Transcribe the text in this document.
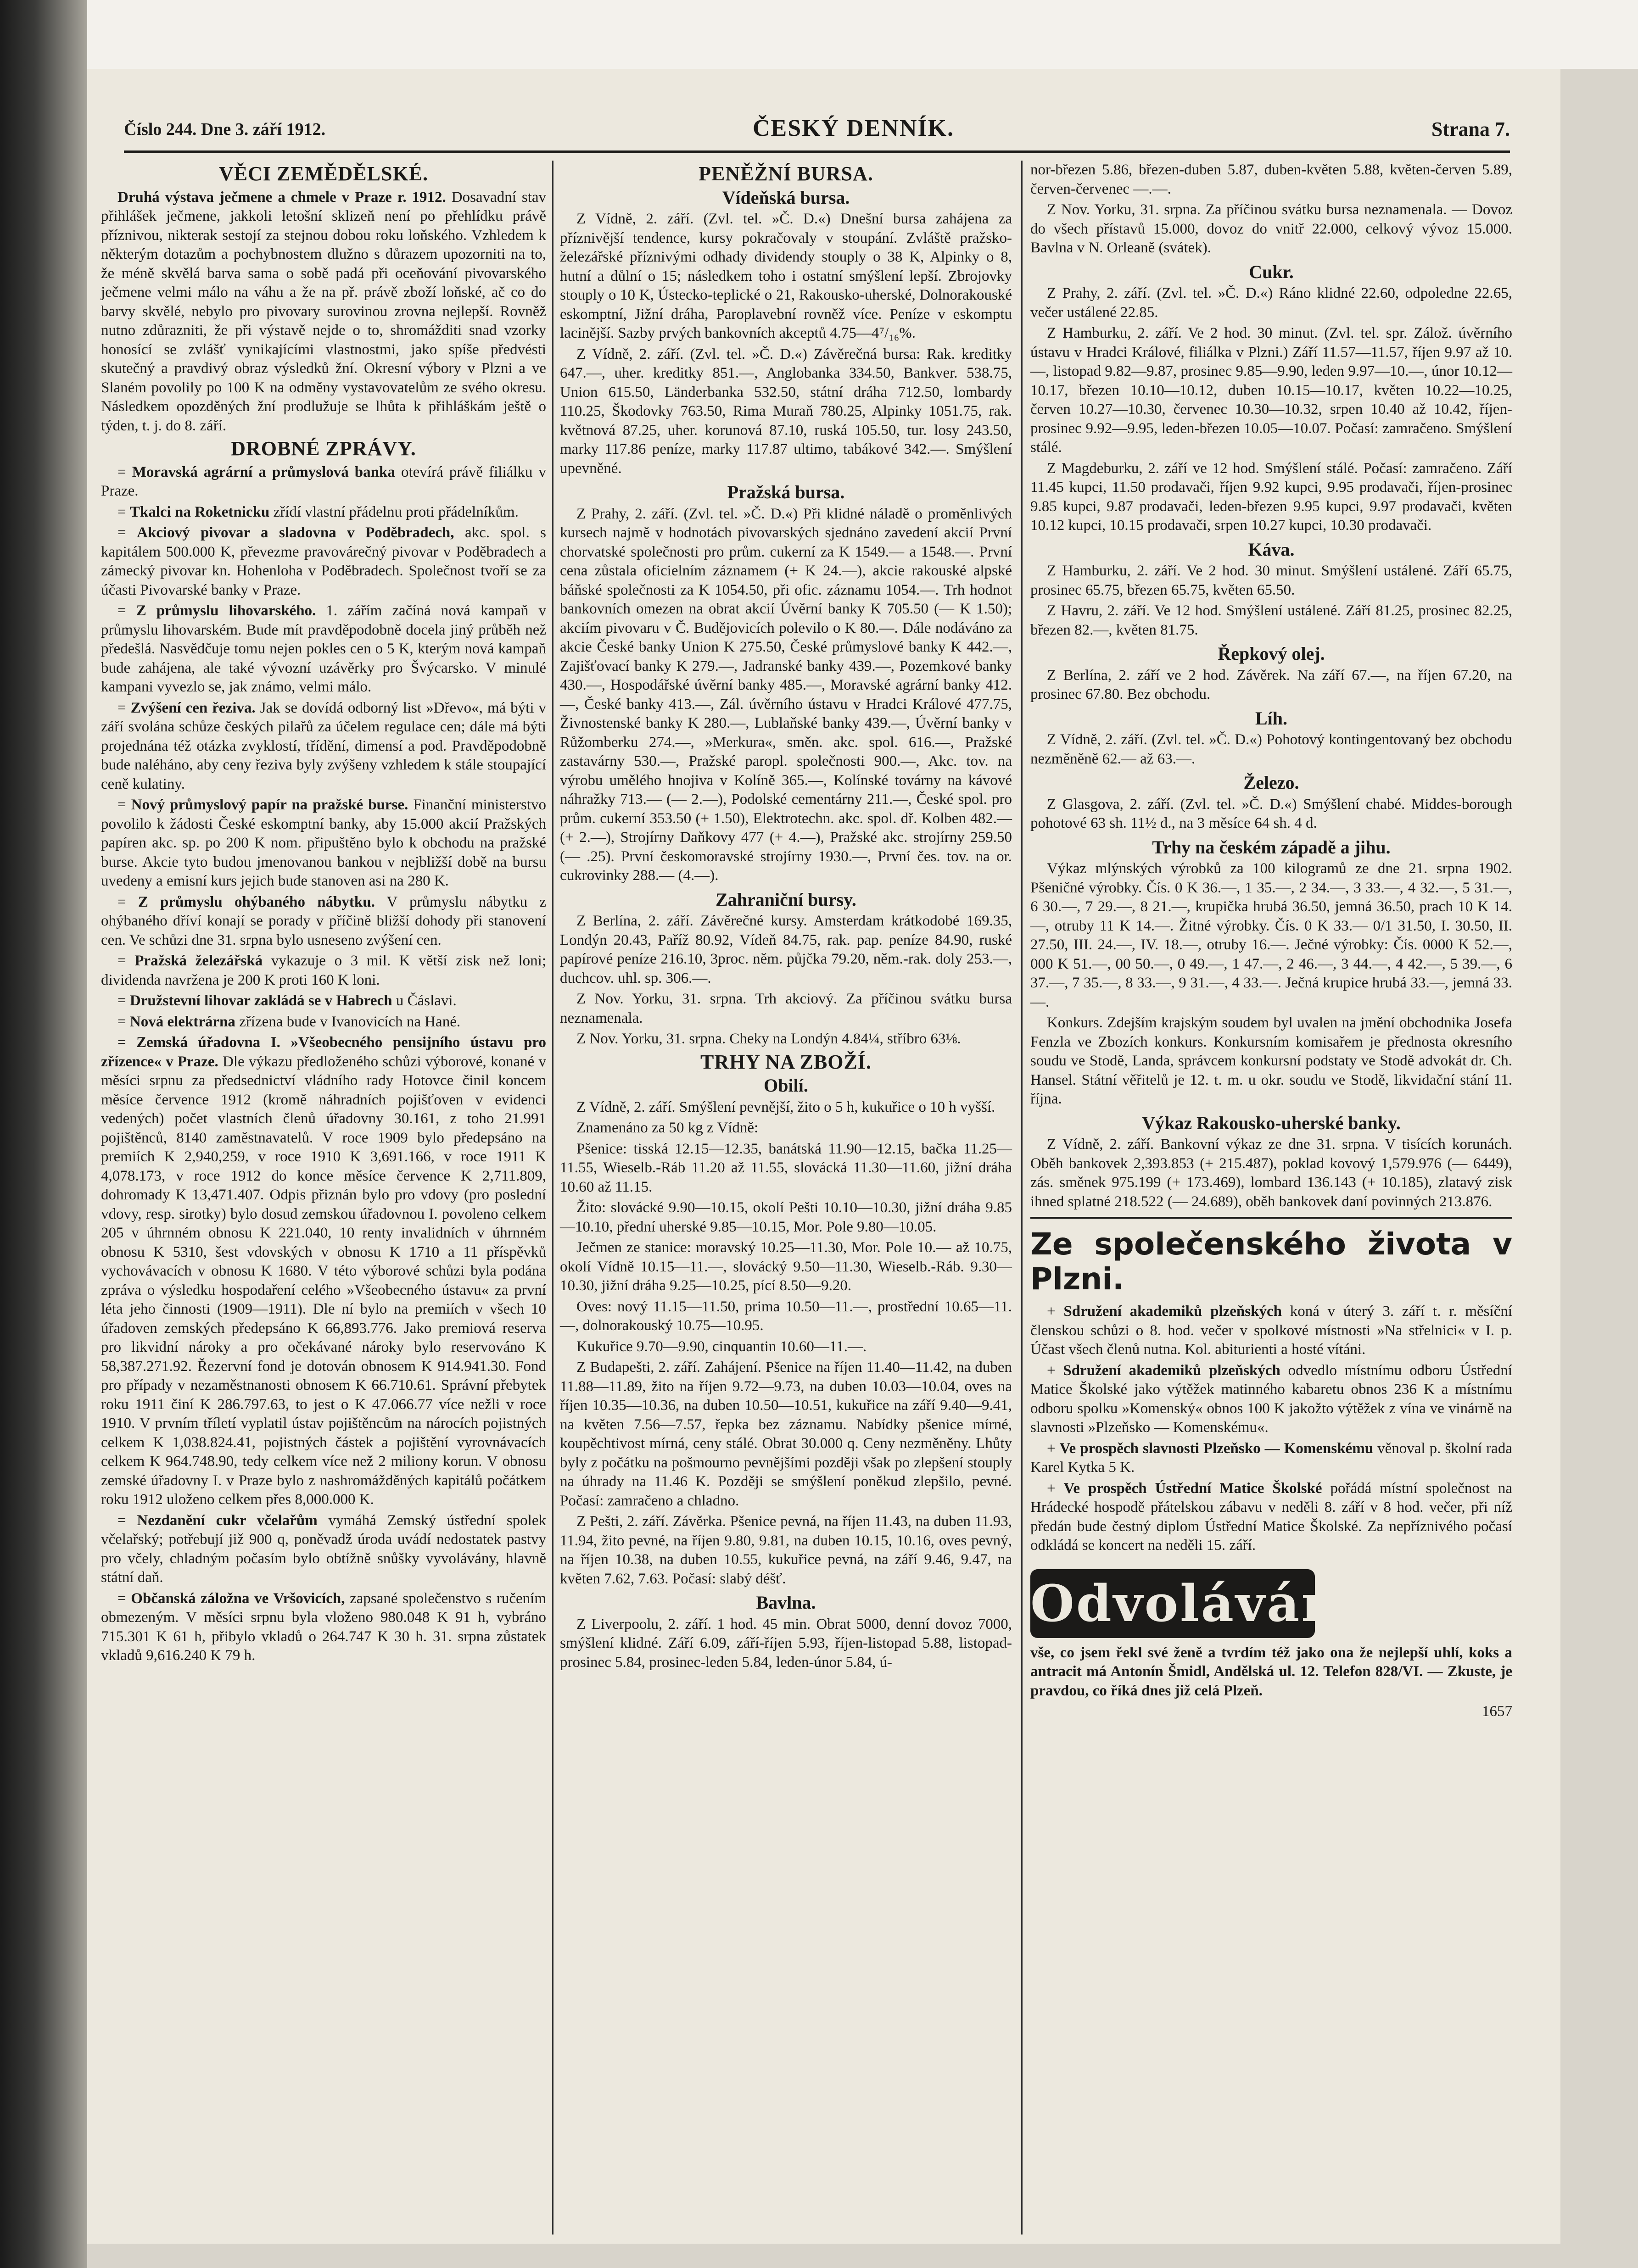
Číslo 244. Dne 3. září 1912.	ČESKÝ DENNÍK.	Strana 7.
VĚCI ZEMĚDĚLSKÉ.

Druhá výstava ječmene a chmele v Praze r. 1912. Dosavadní stav přihlášek ječmene, jakkoli letošní sklizeň není po přehlídku právě příznivou, nikterak sestojí za stejnou dobou roku loňského. Vzhledem k některým dotazům a pochybnostem dlužno s důrazem upozorniti na to, že méně skvělá barva sama o sobě padá při oceňování pivovarského ječmene velmi málo na váhu a že na př. právě zboží loňské, ač co do barvy skvělé, nebylo pro pivovary surovinou zrovna nejlepší. Rovněž nutno zdůrazniti, že při výstavě nejde o to, shromážditi snad vzorky honosící se zvlášť vynikajícími vlastnostmi, jako spíše předvésti skutečný a pravdivý obraz výsledků žní. Okresní výbory v Plzni a ve Slaném povolily po 100 K na odměny vystavovatelům ze svého okresu. Následkem opozděných žní prodlužuje se lhůta k přihláškám ještě o týden, t. j. do 8. září.

DROBNÉ ZPRÁVY.

= Moravská agrární a průmyslová banka otevírá právě filiálku v Praze.

= Tkalci na Roketnicku zřídí vlastní přádelnu proti přádelníkům.

= Akciový pivovar a sladovna v Poděbradech, akc. spol. s kapitálem 500.000 K, převezme pravovárečný pivovar v Poděbradech a zámecký pivovar kn. Hohenloha v Poděbradech. Společnost tvoří se za účasti Pivovarské banky v Praze.

= Z průmyslu lihovarského. 1. zářím začíná nová kampaň v průmyslu lihovarském. Bude mít pravděpodobně docela jiný průběh než předešlá. Nasvědčuje tomu nejen pokles cen o 5 K, kterým nová kampaň bude zahájena, ale také vývozní uzávěrky pro Švýcarsko. V minulé kampani vyvezlo se, jak známo, velmi málo.

= Zvýšení cen řeziva. Jak se dovídá odborný list »Dřevo«, má býti v září svolána schůze českých pilařů za účelem regulace cen; dále má býti projednána též otázka zvyklostí, třídění, dimensí a pod. Pravděpodobně bude naléháno, aby ceny řeziva byly zvýšeny vzhledem k stále stoupající ceně kulatiny.

= Nový průmyslový papír na pražské burse. Finanční ministerstvo povolilo k žádosti České eskomptní banky, aby 15.000 akcií Pražských papíren akc. sp. po 200 K nom. připuštěno bylo k obchodu na pražské burse. Akcie tyto budou jmenovanou bankou v nejbližší době na bursu uvedeny a emisní kurs jejich bude stanoven asi na 280 K.

= Z průmyslu ohýbaného nábytku. V průmyslu nábytku z ohýbaného dříví konají se porady v příčině bližší dohody při stanovení cen. Ve schůzi dne 31. srpna bylo usneseno zvýšení cen.

= Pražská železářská vykazuje o 3 mil. K větší zisk než loni; dividenda navržena je 200 K proti 160 K loni.

= Družstevní lihovar zakládá se v Habrech u Čáslavi.

= Nová elektrárna zřízena bude v Ivanovicích na Hané.

= Zemská úřadovna I. »Všeobecného pensijního ústavu pro zřízence« v Praze. Dle výkazu předloženého schůzi výborové, konané v měsíci srpnu za předsednictví vládního rady Hotovce činil koncem měsíce července 1912 (kromě náhradních pojišťoven v evidenci vedených) počet vlastních členů úřadovny 30.161, z toho 21.991 pojištěnců, 8140 zaměstnavatelů. V roce 1909 bylo předepsáno na premiích K 2,940,259, v roce 1910 K 3,691.166, v roce 1911 K 4,078.173, v roce 1912 do konce měsíce července K 2,711.809, dohromady K 13,471.407. Odpis přiznán bylo pro vdovy (pro poslední vdovy, resp. sirotky) bylo dosud zemskou úřadovnou I. povoleno celkem 205 v úhrnném obnosu K 221.040, 10 renty invalidních v úhrnném obnosu K 5310, šest vdovských v obnosu K 1710 a 11 příspěvků vychovávacích v obnosu K 1680. V této výborové schůzi byla podána zpráva o výsledku hospodaření celého »Všeobecného ústavu« za první léta jeho činnosti (1909—1911). Dle ní bylo na premiích v všech 10 úřadoven zemských předepsáno K 66,893.776. Jako premiová reserva pro likvidní nároky a pro očekávané nároky bylo reservováno K 58,387.271.92. Řezervní fond je dotován obnosem K 914.941.30. Fond pro případy v nezaměstnanosti obnosem K 66.710.61. Správní přebytek roku 1911 činí K 286.797.63, to jest o K 47.066.77 více nežli v roce 1910. V prvním tříletí vyplatil ústav pojištěncům na nárocích pojistných celkem K 1,038.824.41, pojistných částek a pojištění vyrovnávacích celkem K 964.748.90, tedy celkem více než 2 miliony korun. V obnosu zemské úřadovny I. v Praze bylo z nashromážděných kapitálů počátkem roku 1912 uloženo celkem přes 8,000.000 K.

= Nezdanění cukr včelařům vymáhá Zemský ústřední spolek včelařský; potřebují již 900 q, poněvadž úroda uvádí nedostatek pastvy pro včely, chladným počasím bylo obtížně snůšky vyvolávány, hlavně státní daň.

= Občanská záložna ve Vršovicích, zapsané společenstvo s ručením obmezeným. V měsíci srpnu byla vloženo 980.048 K 91 h, vybráno 715.301 K 61 h, přibylo vkladů o 264.747 K 30 h. 31. srpna zůstatek vkladů 9,616.240 K 79 h.

PENĚŽNÍ BURSA.
Vídeňská bursa.

Z Vídně, 2. září. (Zvl. tel. »Č. D.«) Dnešní bursa zahájena za příznivější tendence, kursy pokračovaly v stoupání. Zvláště pražsko-železářské příznivými odhady dividendy stouply o 38 K, Alpinky o 8, hutní a důlní o 15; následkem toho i ostatní smýšlení lepší. Zbrojovky stouply o 10 K, Ústecko-teplické o 21, Rakousko-uherské, Dolnorakouské eskomptní, Jižní dráha, Paroplavební rovněž více. Peníze v eskomptu lacinější. Sazby prvých bankovních akceptů 4.75—4⁷/₁₆%.

Z Vídně, 2. září. (Zvl. tel. »Č. D.«) Závěrečná bursa: Rak. kreditky 647.—, uher. kreditky 851.—, Anglobanka 334.50, Bankver. 538.75, Union 615.50, Länderbanka 532.50, státní dráha 712.50, lombardy 110.25, Škodovky 763.50, Rima Muraň 780.25, Alpinky 1051.75, rak. květnová 87.25, uher. korunová 87.10, ruská 105.50, tur. losy 243.50, marky 117.86 peníze, marky 117.87 ultimo, tabákové 342.—. Smýšlení upevněné.

Pražská bursa.

Z Prahy, 2. září. (Zvl. tel. »Č. D.«) Při klidné náladě o proměnlivých kursech najmě v hodnotách pivovarských sjednáno zavedení akcií První chorvatské společnosti pro prům. cukerní za K 1549.— a 1548.—. První cena zůstala oficielním záznamem (+ K 24.—), akcie rakouské alpské báňské společnosti za K 1054.50, při ofic. záznamu 1054.—. Trh hodnot bankovních omezen na obrat akcií Úvěrní banky K 705.50 (— K 1.50); akciím pivovaru v Č. Budějovicích polevilo o K 80.—. Dále nodáváno za akcie České banky Union K 275.50, České průmyslové banky K 442.—, Zajišťovací banky K 279.—, Jadranské banky 439.—, Pozemkové banky 430.—, Hospodářské úvěrní banky 485.—, Moravské agrární banky 412.—, České banky 413.—, Zál. úvěrního ústavu v Hradci Králové 477.75, Živnostenské banky K 280.—, Lublaňské banky 439.—, Úvěrní banky v Růžomberku 274.—, »Merkura«, směn. akc. spol. 616.—, Pražské zastavárny 530.—, Pražské paropl. společnosti 900.—, Akc. tov. na výrobu umělého hnojiva v Kolíně 365.—, Kolínské továrny na kávové náhražky 713.— (— 2.—), Podolské cementárny 211.—, České spol. pro prům. cukerní 353.50 (+ 1.50), Elektrotechn. akc. spol. dř. Kolben 482.— (+ 2.—), Strojírny Daňkovy 477 (+ 4.—), Pražské akc. strojírny 259.50 (— .25). První českomoravské strojírny 1930.—, První čes. tov. na or. cukrovinky 288.— (4.—).

Zahraniční bursy.

Z Berlína, 2. září. Závěrečné kursy. Amsterdam krátkodobé 169.35, Londýn 20.43, Paříž 80.92, Vídeň 84.75, rak. pap. peníze 84.90, ruské papírové peníze 216.10, 3proc. něm. půjčka 79.20, něm.-rak. doly 253.—, duchcov. uhl. sp. 306.—.

Z Nov. Yorku, 31. srpna. Trh akciový. Za příčinou svátku bursa neznamenala.

Z Nov. Yorku, 31. srpna. Cheky na Londýn 4.84¼, stříbro 63⅛.

TRHY NA ZBOŽÍ.
Obilí.

Z Vídně, 2. září. Smýšlení pevnější, žito o 5 h, kukuřice o 10 h vyšší.

Znamenáno za 50 kg z Vídně:

Pšenice: tisská 12.15—12.35, banátská 11.90—12.15, bačka 11.25—11.55, Wieselb.-Ráb 11.20 až 11.55, slovácká 11.30—11.60, jižní dráha 10.60 až 11.15.

Žito: slovácké 9.90—10.15, okolí Pešti 10.10—10.30, jižní dráha 9.85—10.10, přední uherské 9.85—10.15, Mor. Pole 9.80—10.05.

Ječmen ze stanice: moravský 10.25—11.30, Mor. Pole 10.— až 10.75, okolí Vídně 10.15—11.—, slovácký 9.50—11.30, Wieselb.-Ráb. 9.30—10.30, jižní dráha 9.25—10.25, pící 8.50—9.20.

Oves: nový 11.15—11.50, prima 10.50—11.—, prostřední 10.65—11.—, dolnorakouský 10.75—10.95.

Kukuřice 9.70—9.90, cinquantin 10.60—11.—.

Z Budapešti, 2. září. Zahájení. Pšenice na říjen 11.40—11.42, na duben 11.88—11.89, žito na říjen 9.72—9.73, na duben 10.03—10.04, oves na říjen 10.35—10.36, na duben 10.50—10.51, kukuřice na září 9.40—9.41, na květen 7.56—7.57, řepka bez záznamu. Nabídky pšenice mírné, koupěchtivost mírná, ceny stálé. Obrat 30.000 q. Ceny nezměněny. Lhůty byly z počátku na pošmourno pevnějšími později však po zlepšení stouply na úhrady na 11.46 K. Později se smýšlení poněkud zlepšilo, pevné. Počasí: zamračeno a chladno.

Z Pešti, 2. září. Závěrka. Pšenice pevná, na říjen 11.43, na duben 11.93, 11.94, žito pevné, na říjen 9.80, 9.81, na duben 10.15, 10.16, oves pevný, na říjen 10.38, na duben 10.55, kukuřice pevná, na září 9.46, 9.47, na květen 7.62, 7.63. Počasí: slabý déšť.

Bavlna.

Z Liverpoolu, 2. září. 1 hod. 45 min. Obrat 5000, denní dovoz 7000, smýšlení klidné. Září 6.09, září-říjen 5.93, říjen-listopad 5.88, listopad-prosinec 5.84, prosinec-leden 5.84, leden-únor 5.84, ú-

nor-březen 5.86, březen-duben 5.87, duben-květen 5.88, květen-červen 5.89, červen-červenec —.—.

Z Nov. Yorku, 31. srpna. Za příčinou svátku bursa neznamenala. — Dovoz do všech přístavů 15.000, dovoz do vnitř 22.000, celkový vývoz 15.000. Bavlna v N. Orleaně (svátek).

Cukr.

Z Prahy, 2. září. (Zvl. tel. »Č. D.«) Ráno klidné 22.60, odpoledne 22.65, večer ustálené 22.85.

Z Hamburku, 2. září. Ve 2 hod. 30 minut. (Zvl. tel. spr. Zálož. úvěrního ústavu v Hradci Králové, filiálka v Plzni.) Září 11.57—11.57, říjen 9.97 až 10.—, listopad 9.82—9.87, prosinec 9.85—9.90, leden 9.97—10.—, únor 10.12—10.17, březen 10.10—10.12, duben 10.15—10.17, květen 10.22—10.25, červen 10.27—10.30, červenec 10.30—10.32, srpen 10.40 až 10.42, říjen-prosinec 9.92—9.95, leden-březen 10.05—10.07. Počasí: zamračeno. Smýšlení stálé.

Z Magdeburku, 2. září ve 12 hod. Smýšlení stálé. Počasí: zamračeno. Září 11.45 kupci, 11.50 prodavači, říjen 9.92 kupci, 9.95 prodavači, říjen-prosinec 9.85 kupci, 9.87 prodavači, leden-březen 9.95 kupci, 9.97 prodavači, květen 10.12 kupci, 10.15 prodavači, srpen 10.27 kupci, 10.30 prodavači.

Káva.

Z Hamburku, 2. září. Ve 2 hod. 30 minut. Smýšlení ustálené. Září 65.75, prosinec 65.75, březen 65.75, květen 65.50.

Z Havru, 2. září. Ve 12 hod. Smýšlení ustálené. Září 81.25, prosinec 82.25, březen 82.—, květen 81.75.

Řepkový olej.

Z Berlína, 2. září ve 2 hod. Závěrek. Na září 67.—, na říjen 67.20, na prosinec 67.80. Bez obchodu.

Líh.

Z Vídně, 2. září. (Zvl. tel. »Č. D.«) Pohotový kontingentovaný bez obchodu nezměněně 62.— až 63.—.

Železo.

Z Glasgova, 2. září. (Zvl. tel. »Č. D.«) Smýšlení chabé. Middes-borough pohotové 63 sh. 11½ d., na 3 měsíce 64 sh. 4 d.

Trhy na českém západě a jihu.

Výkaz mlýnských výrobků za 100 kilogramů ze dne 21. srpna 1902. Pšeničné výrobky. Čís. 0 K 36.—, 1 35.—, 2 34.—, 3 33.—, 4 32.—, 5 31.—, 6 30.—, 7 29.—, 8 21.—, krupička hrubá 36.50, jemná 36.50, prach 10 K 14.—, otruby 11 K 14.—. Žitné výrobky. Čís. 0 K 33.— 0/1 31.50, I. 30.50, II. 27.50, III. 24.—, IV. 18.—, otruby 16.—. Ječné výrobky: Čís. 0000 K 52.—, 000 K 51.—, 00 50.—, 0 49.—, 1 47.—, 2 46.—, 3 44.—, 4 42.—, 5 39.—, 6 37.—, 7 35.—, 8 33.—, 9 31.—, 4 33.—. Ječná krupice hrubá 33.—, jemná 33.—.

Konkurs. Zdejším krajským soudem byl uvalen na jmění obchodnika Josefa Fenzla ve Zbozích konkurs. Konkursním komisařem je přednosta okresního soudu ve Stodě, Landa, správcem konkursní podstaty ve Stodě advokát dr. Ch. Hansel. Státní věřitelů je 12. t. m. u okr. soudu ve Stodě, likvidační stání 11. října.

Výkaz Rakousko-uherské banky.

Z Vídně, 2. září. Bankovní výkaz ze dne 31. srpna. V tisících korunách. Oběh bankovek 2,393.853 (+ 215.487), poklad kovový 1,579.976 (— 6449), zás. směnek 975.199 (+ 173.469), lombard 136.143 (+ 10.185), zlatavý zisk ihned splatné 218.522 (— 24.689), oběh bankovek daní povinných 213.876.

Ze společenského života v Plzni.

+ Sdružení akademiků plzeňských koná v úterý 3. září t. r. měsíční členskou schůzi o 8. hod. večer v spolkové místnosti »Na střelnici« v I. p. Účast všech členů nutna. Kol. abiturienti a hosté vítáni.

+ Sdružení akademiků plzeňských odvedlo místnímu odboru Ústřední Matice Školské jako výtěžek matinného kabaretu obnos 236 K a místnímu odboru spolku »Komenský« obnos 100 K jakožto výtěžek z vína ve vinárně na slavnosti »Plzeňsko — Komenskému«.

+ Ve prospěch slavnosti Plzeňsko — Komenskému věnoval p. školní rada Karel Kytka 5 K.

+ Ve prospěch Ústřední Matice Školské pořádá místní společnost na Hrádecké hospodě přátelskou zábavu v neděli 8. září v 8 hod. večer, při níž předán bude čestný diplom Ústřední Matice Školské. Za nepříznivého počasí odkládá se koncert na neděli 15. září.

Odvolávám

vše, co jsem řekl své ženě a tvrdím též jako ona že nejlepší uhlí, koks a antracit má Antonín Šmidl, Andělská ul. 12. Telefon 828/VI. — Zkuste, je pravdou, co říká dnes již celá Plzeň.

1657
